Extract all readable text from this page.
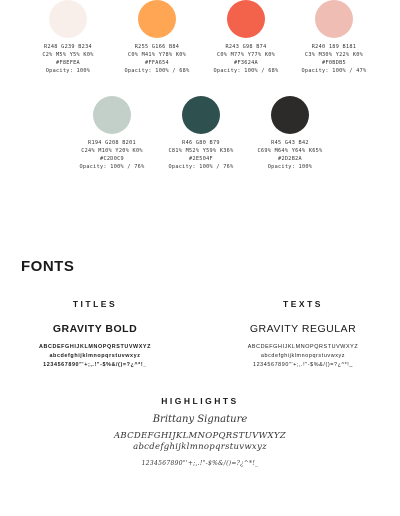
R248 G239 B234
C2% M5% Y5% K0%
#F8EFEA
Opacity: 100%
R255 G166 B84
C0% M41% Y78% K0%
#FFA654
Opacity: 100% / 68%
R243 G98 B74
C0% M77% Y77% K0%
#F3624A
Opacity: 100% / 68%
R240 189 B181
C3% M30% Y22% K0%
#F0BDB5
Opacity: 100% / 47%
R194 G208 B201
C24% M10% Y20% K0%
#C2D0C9
Opacity: 100% / 76%
R46 G80 B79
C81% M52% Y59% K36%
#2E504F
Opacity: 100% / 76%
R45 G43 B42
C69% M64% Y64% K65%
#2D2B2A
Opacity: 100%
FONTS
TITLES
GRAVITY BOLD
ABCDEFGHIJKLMNOPQRSTUVWXYZ
abcdefghijklmnopqrstuvwxyz
1234567890"'+;,.!"-$%&/()=?¿^*!_
TEXTS
GRAVITY REGULAR
ABCDEFGHIJKLMNOPQRSTUVWXYZ
abcdefghijklmnopqrstuvwxyz
1234567890"'+;,.!"-$%&/()=?¿^*!_
HIGHLIGHTS
Brittany Signature
ABCDEFGHIJKLMNOPQRSTUVWXYZ
abcdefghijklmnopqrstuvwxyz
1234567890"'+;,.!"-$%&/()=?¿^*!_
